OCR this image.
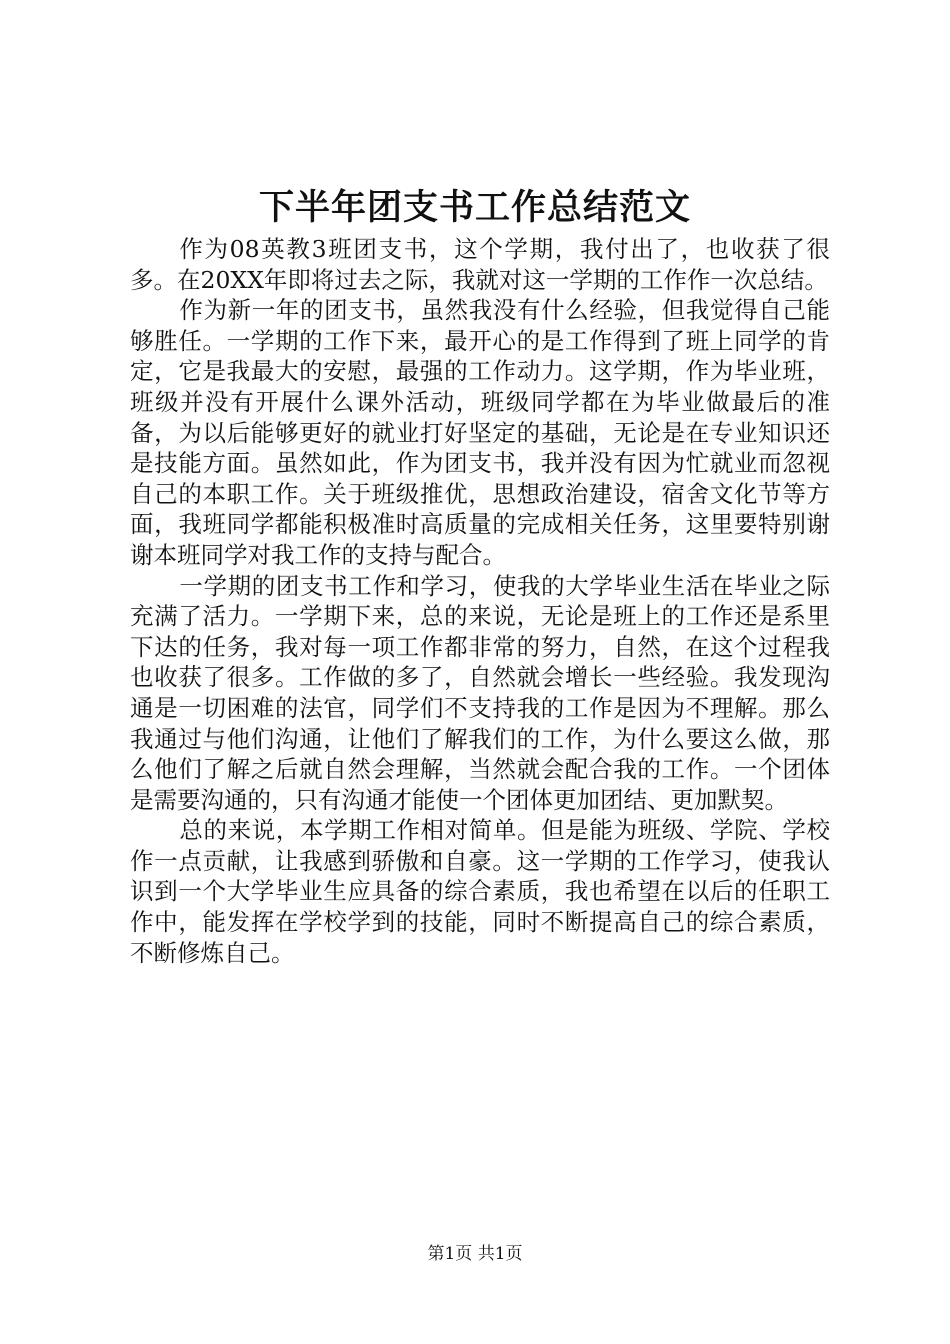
下半年团支书工作总结范文

作为08英教3班团支书，这个学期，我付出了，也收获了很多。在20XX年即将过去之际，我就对这一学期的工作作一次总结。

作为新一年的团支书，虽然我没有什么经验，但我觉得自己能够胜任。一学期的工作下来，最开心的是工作得到了班上同学的肯定，它是我最大的安慰，最强的工作动力。这学期，作为毕业班，班级并没有开展什么课外活动，班级同学都在为毕业做最后的准备，为以后能够更好的就业打好坚定的基础，无论是在专业知识还是技能方面。虽然如此，作为团支书，我并没有因为忙就业而忽视自己的本职工作。关于班级推优，思想政治建设，宿舍文化节等方面，我班同学都能积极准时高质量的完成相关任务，这里要特别谢谢本班同学对我工作的支持与配合。

一学期的团支书工作和学习，使我的大学毕业生活在毕业之际充满了活力。一学期下来，总的来说，无论是班上的工作还是系里下达的任务，我对每一项工作都非常的努力，自然，在这个过程我也收获了很多。工作做的多了，自然就会增长一些经验。我发现沟通是一切困难的法官，同学们不支持我的工作是因为不理解。那么我通过与他们沟通，让他们了解我们的工作，为什么要这么做，那么他们了解之后就自然会理解，当然就会配合我的工作。一个团体是需要沟通的，只有沟通才能使一个团体更加团结、更加默契。

总的来说，本学期工作相对简单。但是能为班级、学院、学校作一点贡献，让我感到骄傲和自豪。这一学期的工作学习，使我认识到一个大学毕业生应具备的综合素质，我也希望在以后的任职工作中，能发挥在学校学到的技能，同时不断提高自己的综合素质，不断修炼自己。

第1页 共1页
